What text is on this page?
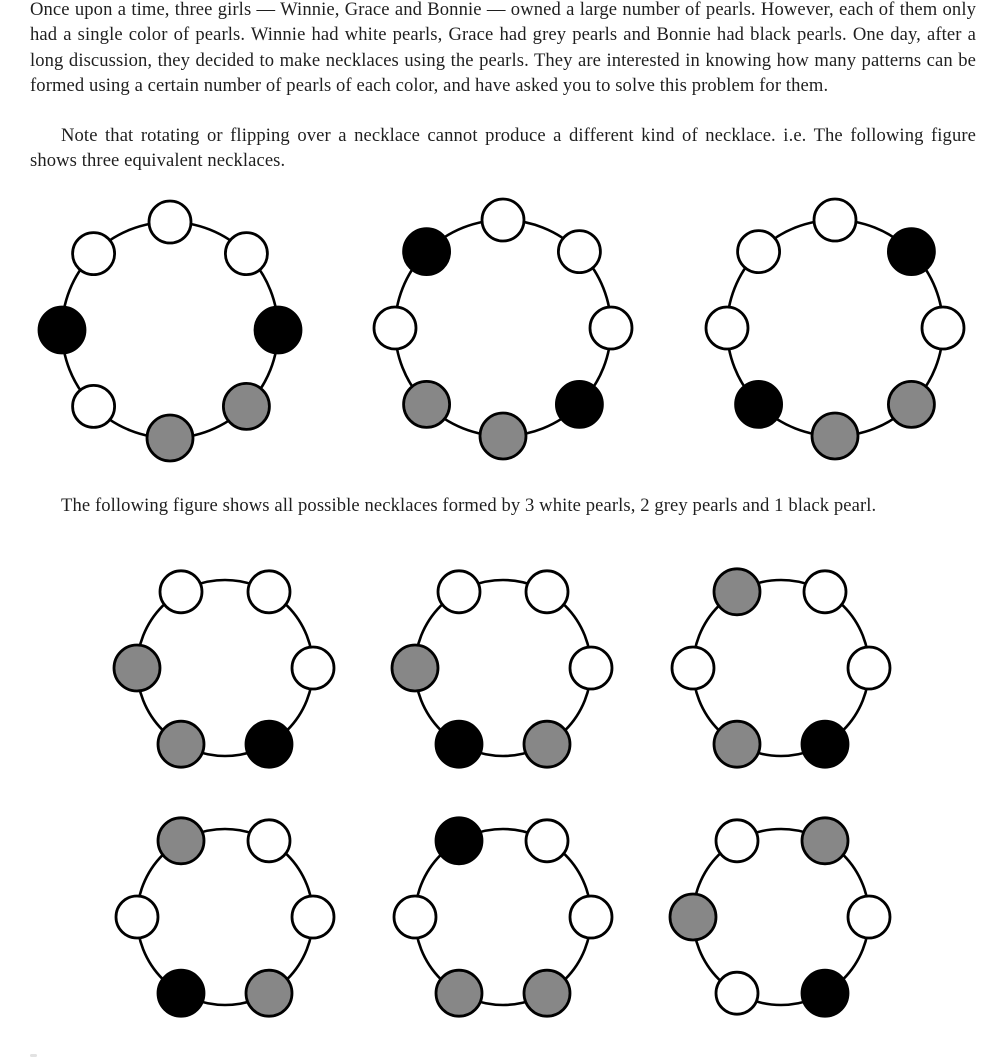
Once upon a time, three girls — Winnie, Grace and Bonnie — owned a large number of pearls. However, each of them only had a single color of pearls. Winnie had white pearls, Grace had grey pearls and Bonnie had black pearls. One day, after a long discussion, they decided to make necklaces using the pearls. They are interested in knowing how many patterns can be formed using a certain number of pearls of each color, and have asked you to solve this problem for them.

Note that rotating or flipping over a necklace cannot produce a different kind of necklace. i.e. The following figure shows three equivalent necklaces.

The following figure shows all possible necklaces formed by 3 white pearls, 2 grey pearls and 1 black pearl.
